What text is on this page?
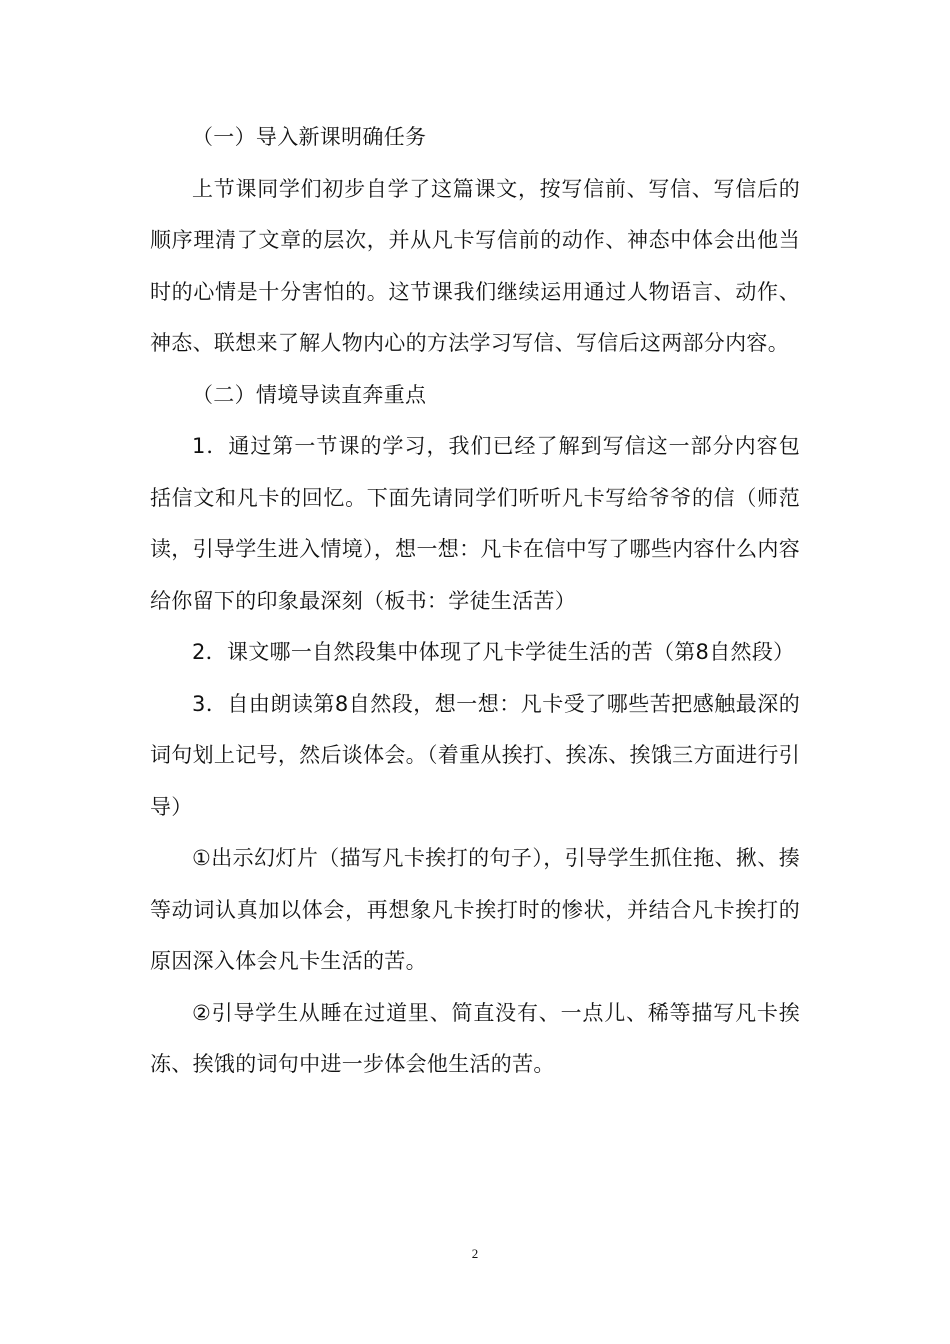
（一）导入新课明确任务

上节课同学们初步自学了这篇课文，按写信前、写信、写信后的顺序理清了文章的层次，并从凡卡写信前的动作、神态中体会出他当时的心情是十分害怕的。这节课我们继续运用通过人物语言、动作、神态、联想来了解人物内心的方法学习写信、写信后这两部分内容。

（二）情境导读直奔重点

1．通过第一节课的学习，我们已经了解到写信这一部分内容包括信文和凡卡的回忆。下面先请同学们听听凡卡写给爷爷的信（师范读，引导学生进入情境），想一想：凡卡在信中写了哪些内容什么内容给你留下的印象最深刻（板书：学徒生活苦）

2．课文哪一自然段集中体现了凡卡学徒生活的苦（第8自然段）

3．自由朗读第8自然段，想一想：凡卡受了哪些苦把感触最深的词句划上记号，然后谈体会。（着重从挨打、挨冻、挨饿三方面进行引导）

①出示幻灯片（描写凡卡挨打的句子），引导学生抓住拖、揪、揍等动词认真加以体会，再想象凡卡挨打时的惨状，并结合凡卡挨打的原因深入体会凡卡生活的苦。

②引导学生从睡在过道里、简直没有、一点儿、稀等描写凡卡挨冻、挨饿的词句中进一步体会他生活的苦。

2
